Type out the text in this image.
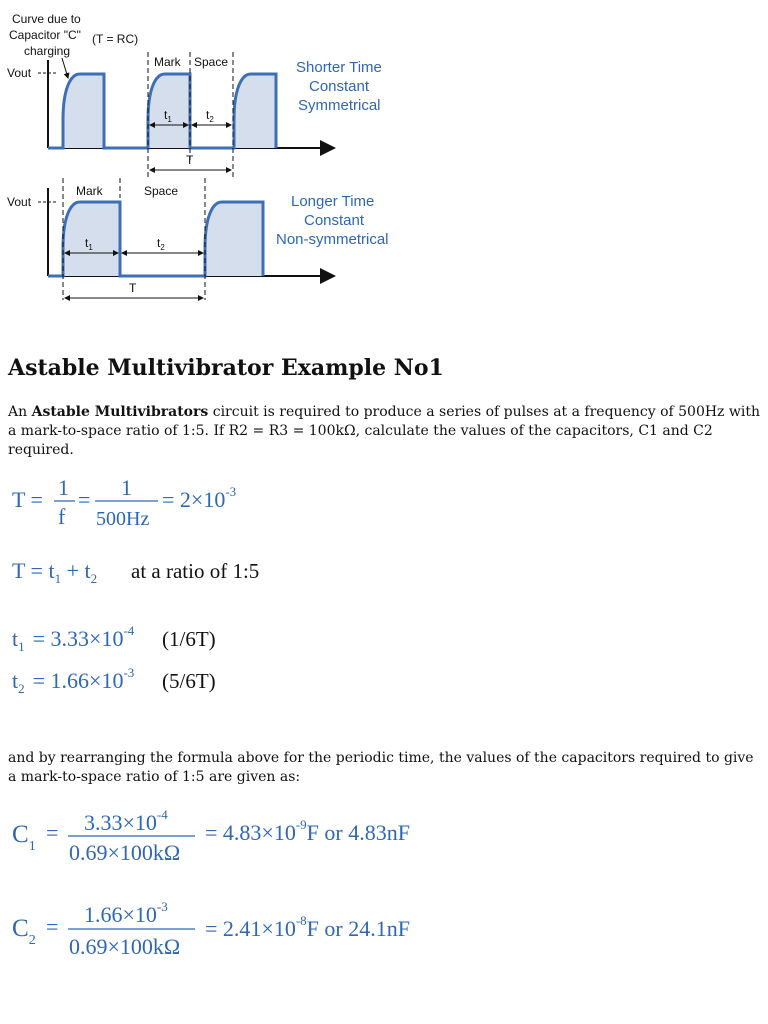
Curve due to
Capacitor "C"
charging
(T = RC)
Vout
Mark Space
$t_1$	$t_2$
T
Shorter Time
Constant
Symmetrical
Vout
Mark	Space
$t_1$	$t_2$
T
Longer Time
Constant
Non-symmetrical
Astable Multivibrator Example No1

An Astable Multivibrators circuit is required to produce a series of pulses at a frequency of 500Hz with a mark-to-space ratio of 1:5. If R2 = R3 = 100kΩ, calculate the values of the capacitors, C1 and C2 required.

T = 1
f
= 1
500Hz
= $2\times 10^{-3}$
$T = t_1 + t_2$ at a ratio of 1:5
$t_1 = 3.33\times 10^{-4}$ (1/6T)
$t_2 = 1.66\times 10^{-3}$ (5/6T)

and by rearranging the formula above for the periodic time, the values of the capacitors required to give a mark-to-space ratio of 1:5 are given as:

$C_1$
= $3.33\times 10^{-4}$
0.69×100kΩ
= $4.83\times 10^{-9}F$ or 4.83nF
$C_2$
= $1.66\times 10^{-3}$
0.69×100kΩ
= $2.41\times 10^{-8}F$ or 24.1nF
